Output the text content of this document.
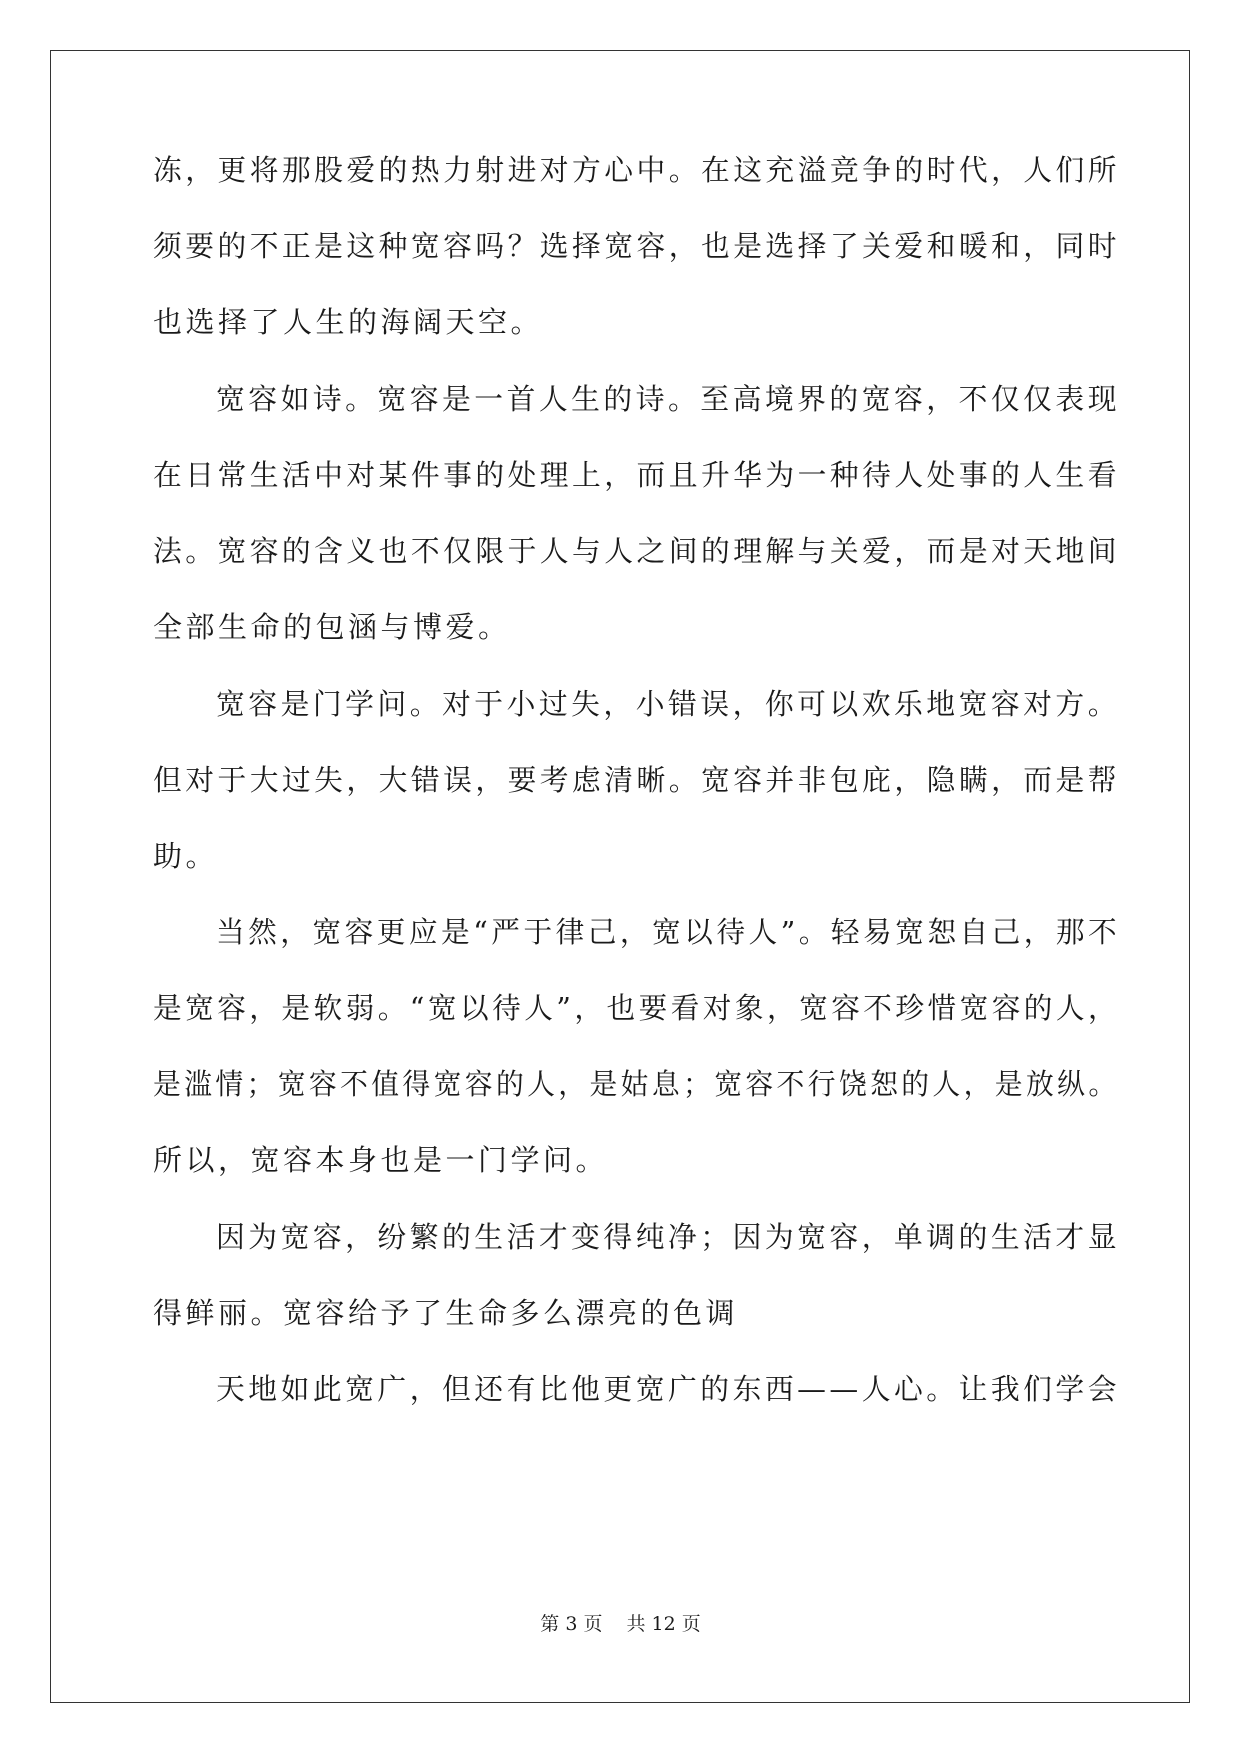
冻，更将那股爱的热力射进对方心中。在这充溢竞争的时代，人们所
须要的不正是这种宽容吗？选择宽容，也是选择了关爱和暖和，同时
也选择了人生的海阔天空。
宽容如诗。宽容是一首人生的诗。至高境界的宽容，不仅仅表现
在日常生活中对某件事的处理上，而且升华为一种待人处事的人生看
法。宽容的含义也不仅限于人与人之间的理解与关爱，而是对天地间
全部生命的包涵与博爱。
宽容是门学问。对于小过失，小错误，你可以欢乐地宽容对方。
但对于大过失，大错误，要考虑清晰。宽容并非包庇，隐瞒，而是帮
助。
当然，宽容更应是“严于律己，宽以待人”。轻易宽恕自己，那不
是宽容，是软弱。“宽以待人”，也要看对象，宽容不珍惜宽容的人，
是滥情；宽容不值得宽容的人，是姑息；宽容不行饶恕的人，是放纵。
所以，宽容本身也是一门学问。
因为宽容，纷繁的生活才变得纯净；因为宽容，单调的生活才显
得鲜丽。宽容给予了生命多么漂亮的色调
天地如此宽广，但还有比他更宽广的东西——人心。让我们学会
第 3 页 共 12 页
